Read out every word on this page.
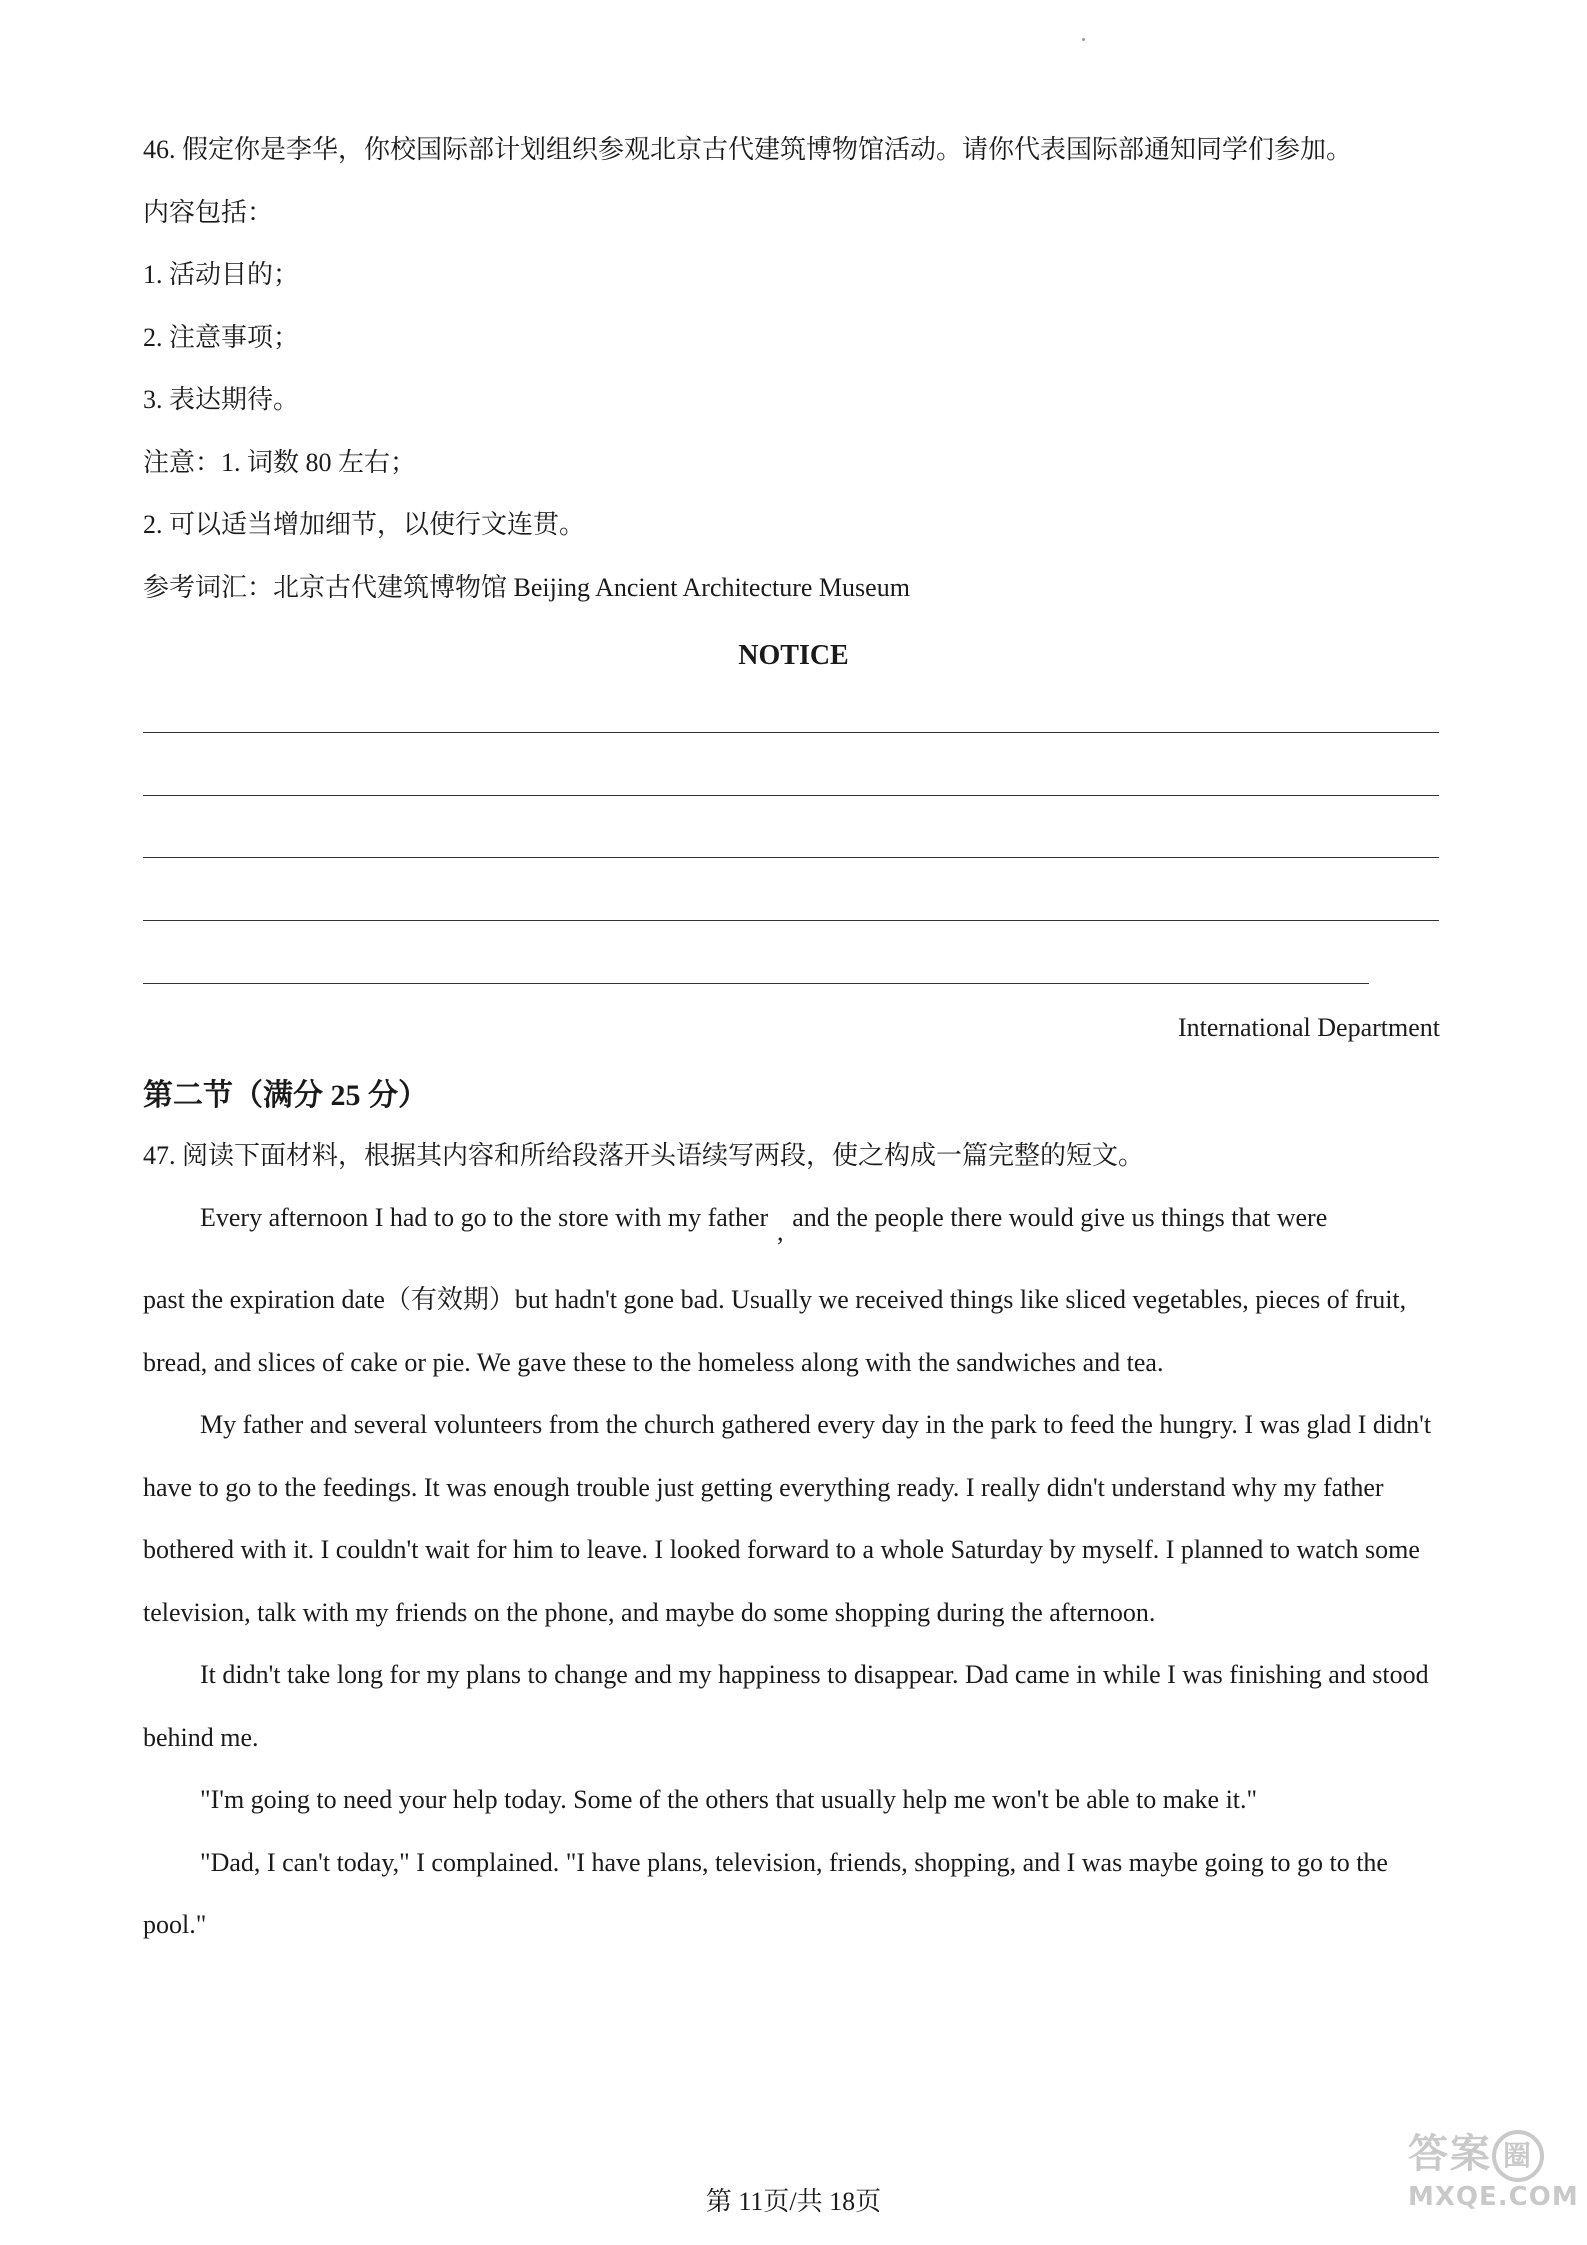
46. 假定你是李华，你校国际部计划组织参观北京古代建筑博物馆活动。请你代表国际部通知同学们参加。
内容包括：
1. 活动目的；
2. 注意事项；
3. 表达期待。
注意：1. 词数 80 左右；
2. 可以适当增加细节，以使行文连贯。
参考词汇：北京古代建筑博物馆 Beijing Ancient Architecture Museum
NOTICE
International Department
第二节（满分 25 分）
47. 阅读下面材料，根据其内容和所给段落开头语续写两段，使之构成一篇完整的短文。
Every afternoon I had to go to the store with my father , and the people there would give us things that were

past the expiration date（有效期）but hadn't gone bad. Usually we received things like sliced vegetables, pieces of fruit, bread, and slices of cake or pie. We gave these to the homeless along with the sandwiches and tea.

My father and several volunteers from the church gathered every day in the park to feed the hungry. I was glad I didn't have to go to the feedings. It was enough trouble just getting everything ready. I really didn't understand why my father bothered with it. I couldn't wait for him to leave. I looked forward to a whole Saturday by myself. I planned to watch some television, talk with my friends on the phone, and maybe do some shopping during the afternoon.

It didn't take long for my plans to change and my happiness to disappear. Dad came in while I was finishing and stood behind me.

"I'm going to need your help today. Some of the others that usually help me won't be able to make it."

"Dad, I can't today," I complained. "I have plans, television, friends, shopping, and I was maybe going to go to the pool."

第 11页/共 18页
答案 圈
MXQE.COM
